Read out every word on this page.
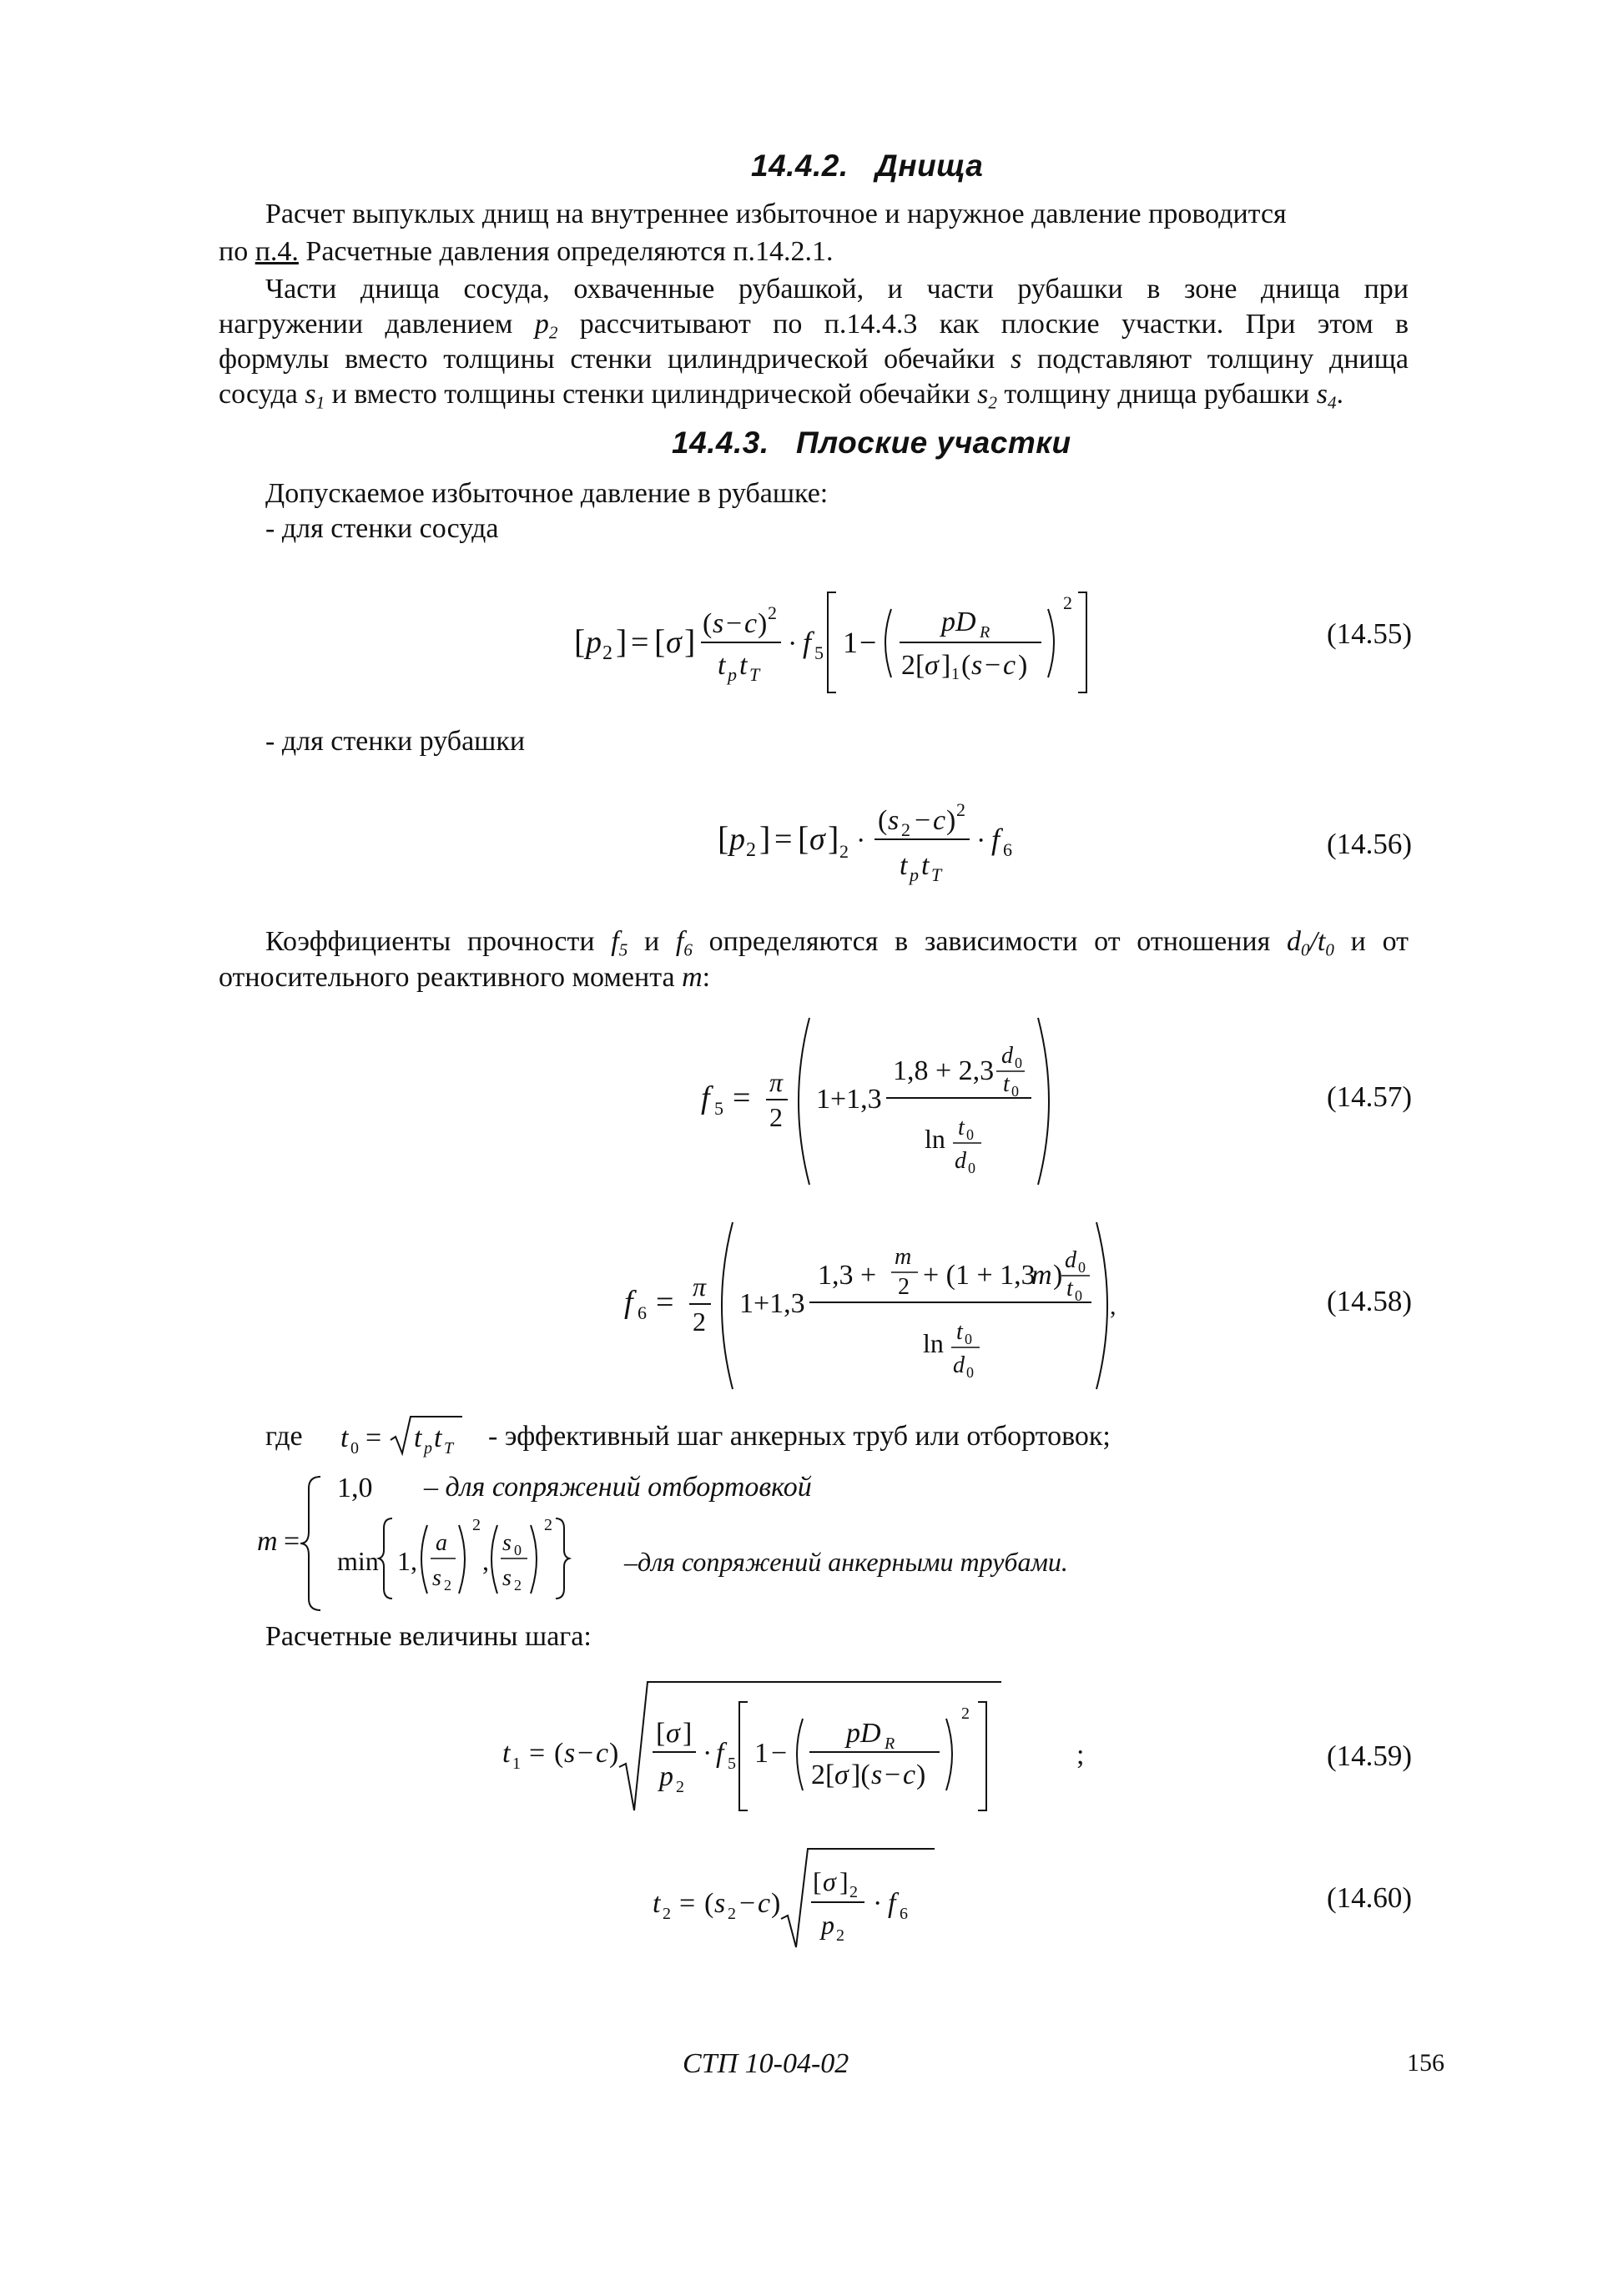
14.4.2. Днища
Расчет выпуклых днищ на внутреннее избыточное и наружное давление проводится
по п.4. Расчетные давления определяются п.14.2.1.
Части днища сосуда, охваченные рубашкой, и части рубашки в зоне днища при
нагружении давлением $p_2$ рассчитывают по п.14.4.3 как плоские участки. При этом в
формулы вместо толщины стенки цилиндрической обечайки s подставляют толщину днища
сосуда $s_1$ и вместо толщины стенки цилиндрической обечайки $s_2$ толщину днища рубашки $s_4$.
14.4.3. Плоские участки
Допускаемое избыточное давление в рубашке:
- для стенки сосуда
[ p 2 ] = [ σ ] ( s − c ) 2
t p t T
· f 5 1 −
pD R
2[ σ ] 1 ( s − c )
2
(14.55)
- для стенки рубашки
[ p 2 ] = [ σ ] 2 ·
( s 2 − c ) 2
t p t T
· f 6	(14.56)
Коэффициенты прочности $f_5$ и $f_6$ определяются в зависимости от отношения $d_0/t_0$ и от
относительного реактивного момента m:
f 5 = π
2
1+1,3
1,8 + 2,3 d 0
t 0
ln t 0
d 0
(14.57)
f 6 = π
2
1+1,3
1,3 +
m
2 + (1 + 1,3
m ) d 0
t 0
ln t 0
d 0
,	(14.58)
где t 0 = t p t T - эффективный шаг анкерных труб или отбортовок;
m =
1,0
min 1,
a
s 2
2
,
s 0
s 2
2
– для сопряжений отбортовкой
–для сопряжений анкерными трубами.
Расчетные величины шага:
t 1 = ( s − c )
[ σ ]
p 2
· f 5 1 −
pD R
2[ σ ]( s − c )
2
;	(14.59)
t 2 = ( s 2 − c )
[ σ ] 2
p 2
· f 6	(14.60)
СТП 10-04-02	156
